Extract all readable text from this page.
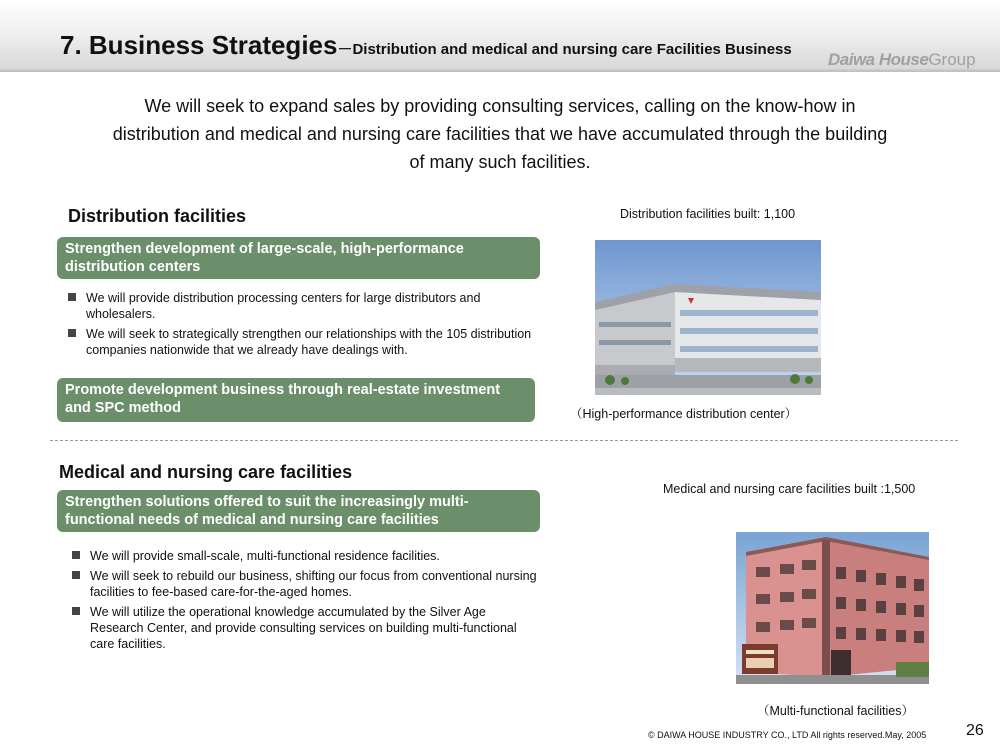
7. Business Strategies－Distribution and medical and nursing care Facilities Business
Daiwa HouseGroup
We will seek to expand sales by providing consulting services, calling on the know-how in distribution and medical and nursing care facilities that we have accumulated through the building of many such facilities.
Distribution facilities
Strengthen development of large-scale, high-performance distribution centers
We will provide distribution processing centers for large distributors and wholesalers.
We will seek to strategically strengthen our relationships with the 105 distribution companies nationwide that we already have dealings with.
Promote development business through real-estate investment and SPC method
Distribution facilities built: 1,100
（High-performance distribution center）
Medical and nursing care facilities
Strengthen solutions offered to suit the increasingly multi-functional needs of medical and nursing care facilities
We will provide small-scale, multi-functional residence facilities.
We will seek to rebuild our business, shifting our focus from conventional nursing facilities to fee-based care-for-the-aged homes.
We will utilize the operational knowledge accumulated by the Silver Age Research Center, and provide consulting services on building multi-functional care facilities.
Medical and nursing care facilities built :1,500
（Multi-functional facilities）
© DAIWA HOUSE INDUSTRY CO., LTD All rights reserved.May, 2005 26
